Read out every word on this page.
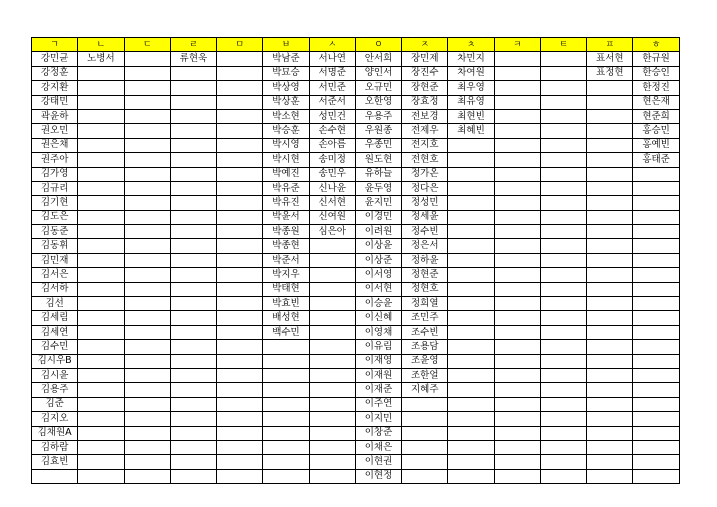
ㄱ	ㄴ	ㄷ	ㄹ	ㅁ	ㅂ	ㅅ	ㅇ	ㅈ	ㅊ	ㅋ	ㅌ	ㅍ	ㅎ
강민균	노병서		류현욱		박남준	서나연	안서희	장민제	차민지			표서현	한규원
강정훈					박묘승	서명준	양인서	장진수	차여원			표정현	한승인
강지환					박상영	서민준	오규민	장현준	최우영				한정진
강태민					박상훈	서준서	오한영	장효정	최유영				현은재
곽윤하					박소현	성민건	우용주	전보경	최현빈				현준희
권오민					박승훈	손수현	우원종	전제우	최혜빈				홍승민
권은채					박시영	손아름	우종민	전지호					홍예빈
권주아					박시현	송미정	원도현	전현호					홍태준
김가영					박예진	송민우	유하늘	정가온					
김규리					박유준	신나윤	윤두영	정다은					
김기현					박유진	신서현	윤지민	정성민					
김도은					박윤서	신여원	이경민	정세윤					
김동준					박종원	심은아	이려원	정수빈					
김동휘					박종현		이상윤	정은서					
김민재					박준서		이상준	정하윤					
김서은					박지우		이서영	정현준					
김서하					박태현		이서현	정현호					
김선					박효빈		이승윤	정희열					
김세림					배성현		이신혜	조민주					
김세연					백수민		이영채	조수빈					
김수민							이유림	조용담					
김시우B							이재영	조윤영					
김시윤							이재원	조한얼					
김용주							이재준	지혜주					
김준							이주연						
김지오							이지민						
김채원A							이창준						
김하람							이채은						
김효빈							이현권						
							이현정						
